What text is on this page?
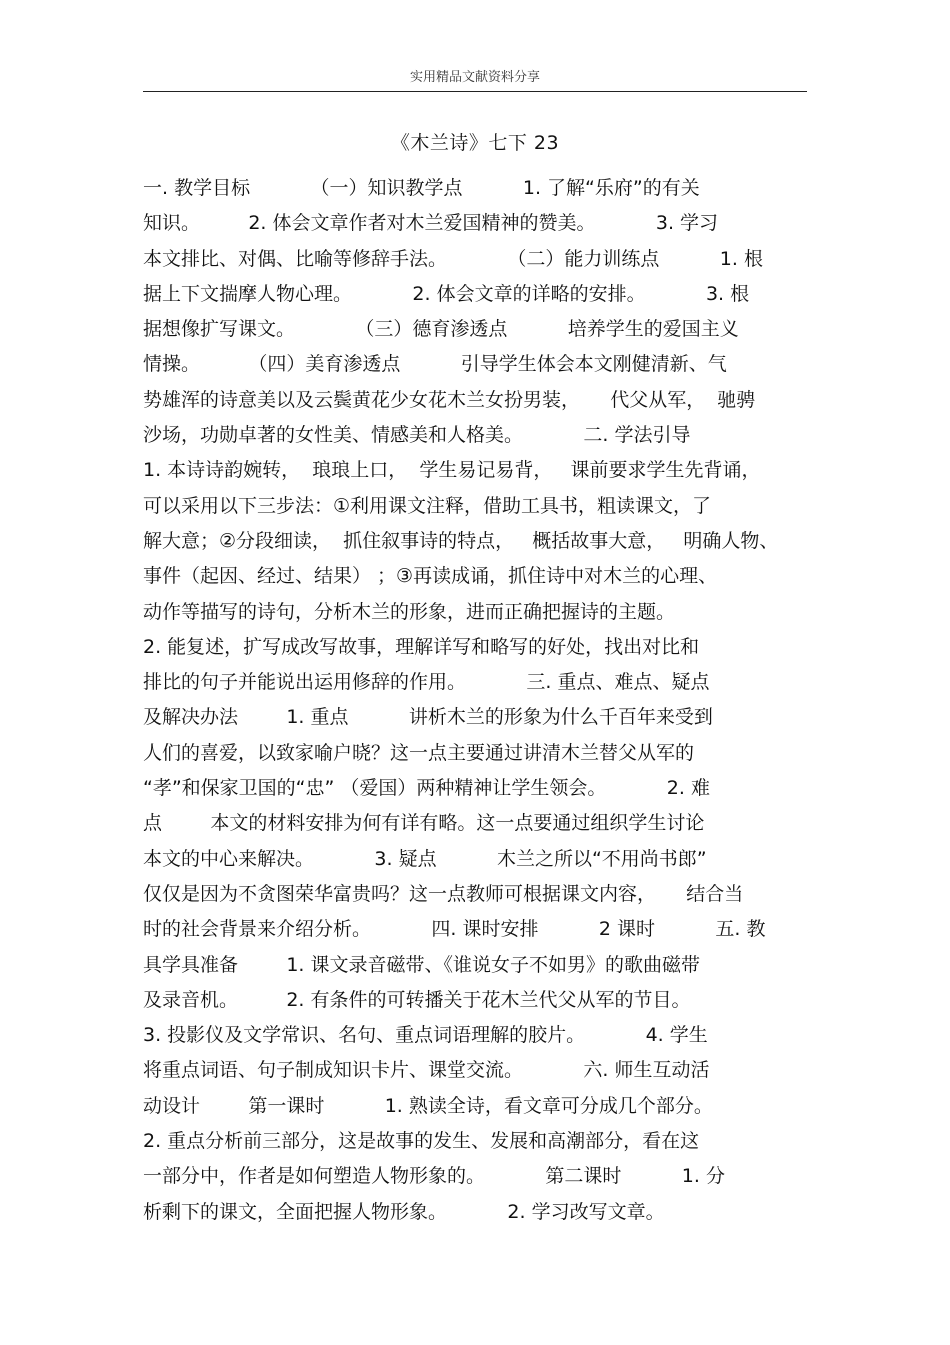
实用精品文献资料分享
《木兰诗》七下 23
一. 教学目标          （一）知识教学点          1. 了解“乐府”的有关
知识。        2. 体会文章作者对木兰爱国精神的赞美。          3. 学习
本文排比、对偶、比喻等修辞手法。          （二）能力训练点          1. 根
据上下文揣摩人物心理。          2. 体会文章的详略的安排。          3. 根
据想像扩写课文。          （三）德育渗透点          培养学生的爱国主义
情操。        （四）美育渗透点          引导学生体会本文刚健清新、气
势雄浑的诗意美以及云鬓黄花少女花木兰女扮男装，     代父从军，  驰骋
沙场，功勋卓著的女性美、情感美和人格美。          二. 学法引导
1. 本诗诗韵婉转，  琅琅上口，  学生易记易背，   课前要求学生先背诵，
可以采用以下三步法：①利用课文注释，借助工具书，粗读课文，了
解大意；②分段细读，  抓住叙事诗的特点，   概括故事大意，   明确人物、
事件（起因、经过、结果） ；③再读成诵，抓住诗中对木兰的心理、
动作等描写的诗句，分析木兰的形象，进而正确把握诗的主题。
2. 能复述，扩写成改写故事，理解详写和略写的好处，找出对比和
排比的句子并能说出运用修辞的作用。          三. 重点、难点、疑点
及解决办法        1. 重点          讲析木兰的形象为什么千百年来受到
人们的喜爱，以致家喻户晓？这一点主要通过讲清木兰替父从军的
“孝”和保家卫国的“忠” （爱国）两种精神让学生领会。          2. 难
点        本文的材料安排为何有详有略。这一点要通过组织学生讨论
本文的中心来解决。          3. 疑点          木兰之所以“不用尚书郎”
仅仅是因为不贪图荣华富贵吗？这一点教师可根据课文内容，     结合当
时的社会背景来介绍分析。          四. 课时安排          2 课时          五. 教
具学具准备        1. 课文录音磁带、《谁说女子不如男》的歌曲磁带
及录音机。        2. 有条件的可转播关于花木兰代父从军的节目。
3. 投影仪及文学常识、名句、重点词语理解的胶片。          4. 学生
将重点词语、句子制成知识卡片、课堂交流。          六. 师生互动活
动设计        第一课时          1. 熟读全诗，看文章可分成几个部分。
2. 重点分析前三部分，这是故事的发生、发展和高潮部分，看在这
一部分中，作者是如何塑造人物形象的。          第二课时          1. 分
析剩下的课文，全面把握人物形象。          2. 学习改写文章。
